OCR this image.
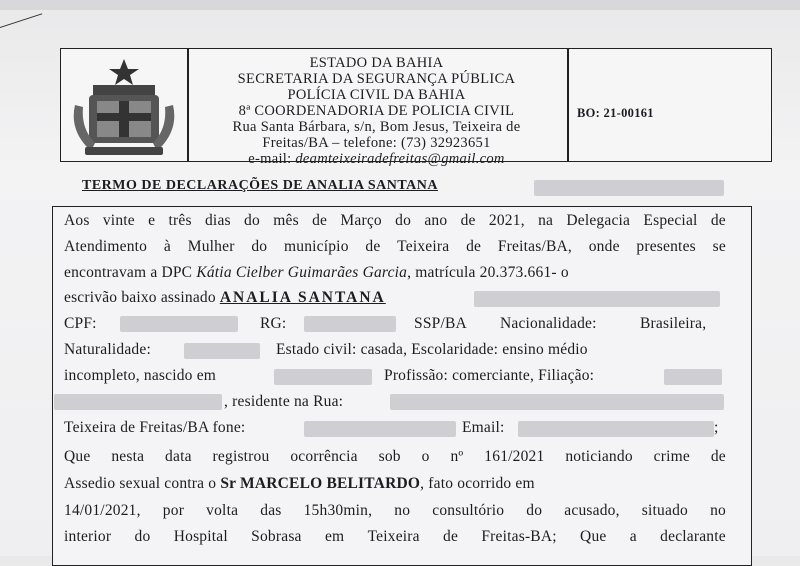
ESTADO DA BAHIA
SECRETARIA DA SEGURANÇA PÚBLICA
POLÍCIA CIVIL DA BAHIA
8ª COORDENADORIA DE POLICIA CIVIL
Rua Santa Bárbara, s/n, Bom Jesus, Teixeira de
Freitas/BA – telefone: (73) 32923651
e-mail: deamteixeiradefreitas@gmail.com
BO: 21-00161
TERMO DE DECLARAÇÕES DE ANALIA SANTANA
Aos vinte e três dias do mês de Março do ano de 2021, na Delegacia Especial de
Atendimento à Mulher do município de Teixeira de Freitas/BA, onde presentes se
encontravam a DPC Kátia Cielber Guimarães Garcia, matrícula 20.373.661- o
escrivão baixo assinado ANALIA SANTANA
CPF:	RG:	SSP/BA Nacionalidade:	Brasileira,
Naturalidade:	Estado civil: casada, Escolaridade: ensino médio
incompleto, nascido em	Profissão: comerciante, Filiação:
, residente na Rua:
Teixeira de Freitas/BA fone:	Email:	;
Que nesta data registrou ocorrência sob o nº 161/2021 noticiando crime de
Assedio sexual contra o Sr MARCELO BELITARDO, fato ocorrido em
14/01/2021, por volta das 15h30min, no consultório do acusado, situado no
interior do Hospital Sobrasa em Teixeira de Freitas-BA; Que a declarante
